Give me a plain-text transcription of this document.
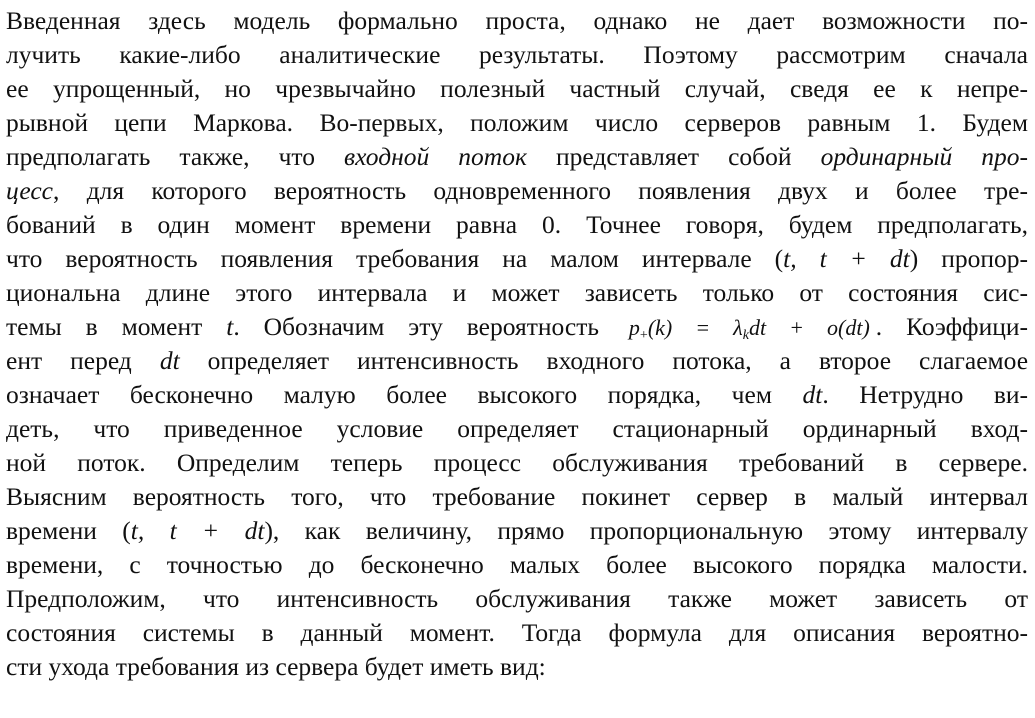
Введенная здесь модель формально проста, однако не дает возможности по-
лучить какие-либо аналитические результаты. Поэтому рассмотрим сначала
ее упрощенный, но чрезвычайно полезный частный случай, сведя ее к непре-
рывной цепи Маркова. Во-первых, положим число серверов равным 1. Будем
предполагать также, что входной поток представляет собой ординарный про-
цесс, для которого вероятность одновременного появления двух и более тре-
бований в один момент времени равна 0. Точнее говоря, будем предполагать,
что вероятность появления требования на малом интервале (t, t + dt) пропор-
циональна длине этого интервала и может зависеть только от состояния сис-
темы в момент t. Обозначим эту вероятность $p_+(k) = \lambda_kdt + o(dt)$ . Коэффици-
ент перед dt определяет интенсивность входного потока, а второе слагаемое
означает бесконечно малую более высокого порядка, чем dt. Нетрудно ви-
деть, что приведенное условие определяет стационарный ординарный вход-
ной поток. Определим теперь процесс обслуживания требований в сервере.
Выясним вероятность того, что требование покинет сервер в малый интервал
времени (t, t + dt), как величину, прямо пропорциональную этому интервалу
времени, с точностью до бесконечно малых более высокого порядка малости.
Предположим, что интенсивность обслуживания также может зависеть от
состояния системы в данный момент. Тогда формула для описания вероятно-
сти ухода требования из сервера будет иметь вид:
